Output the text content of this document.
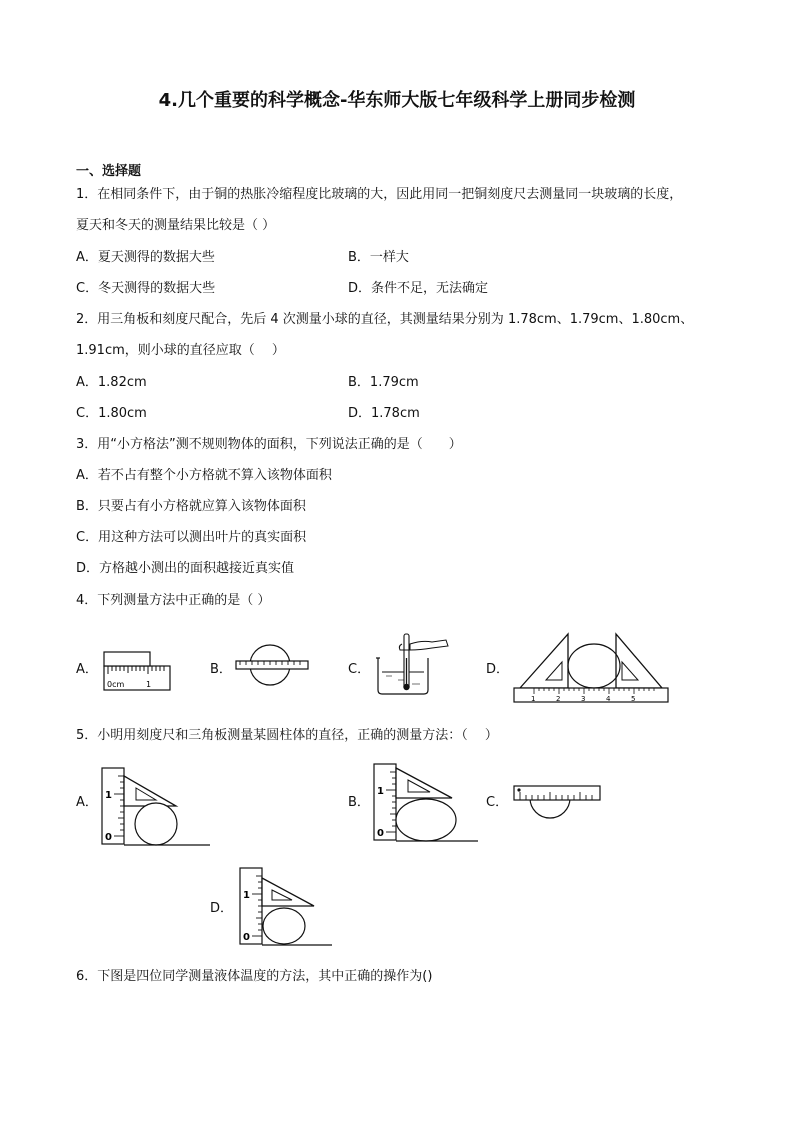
4.几个重要的科学概念-华东师大版七年级科学上册同步检测
一、选择题
1．在相同条件下，由于铜的热胀冷缩程度比玻璃的大，因此用同一把铜刻度尺去测量同一块玻璃的长度，
夏天和冬天的测量结果比较是（ ）
A．夏天测得的数据大些	B．一样大
C．冬天测得的数据大些	D．条件不足，无法确定
2．用三角板和刻度尺配合，先后 4 次测量小球的直径，其测量结果分别为 1.78cm、1.79cm、1.80cm、
1.91cm，则小球的直径应取（　 ）
A．1.82cm	B．1.79cm
C．1.80cm	D．1.78cm
3．用“小方格法”测不规则物体的面积，下列说法正确的是（　　）
A．若不占有整个小方格就不算入该物体面积
B．只要占有小方格就应算入该物体面积
C．用这种方法可以测出叶片的真实面积
D．方格越小测出的面积越接近真实值
4．下列测量方法中正确的是（ ）
A．
0cm	1
B．	C．	D．
1	2	3	4	5
5．小明用刻度尺和三角板测量某圆柱体的直径，正确的测量方法：（　 ）
A． 1
0
B．
1
0
C．
D．
1
0
6．下图是四位同学测量液体温度的方法，其中正确的操作为()
